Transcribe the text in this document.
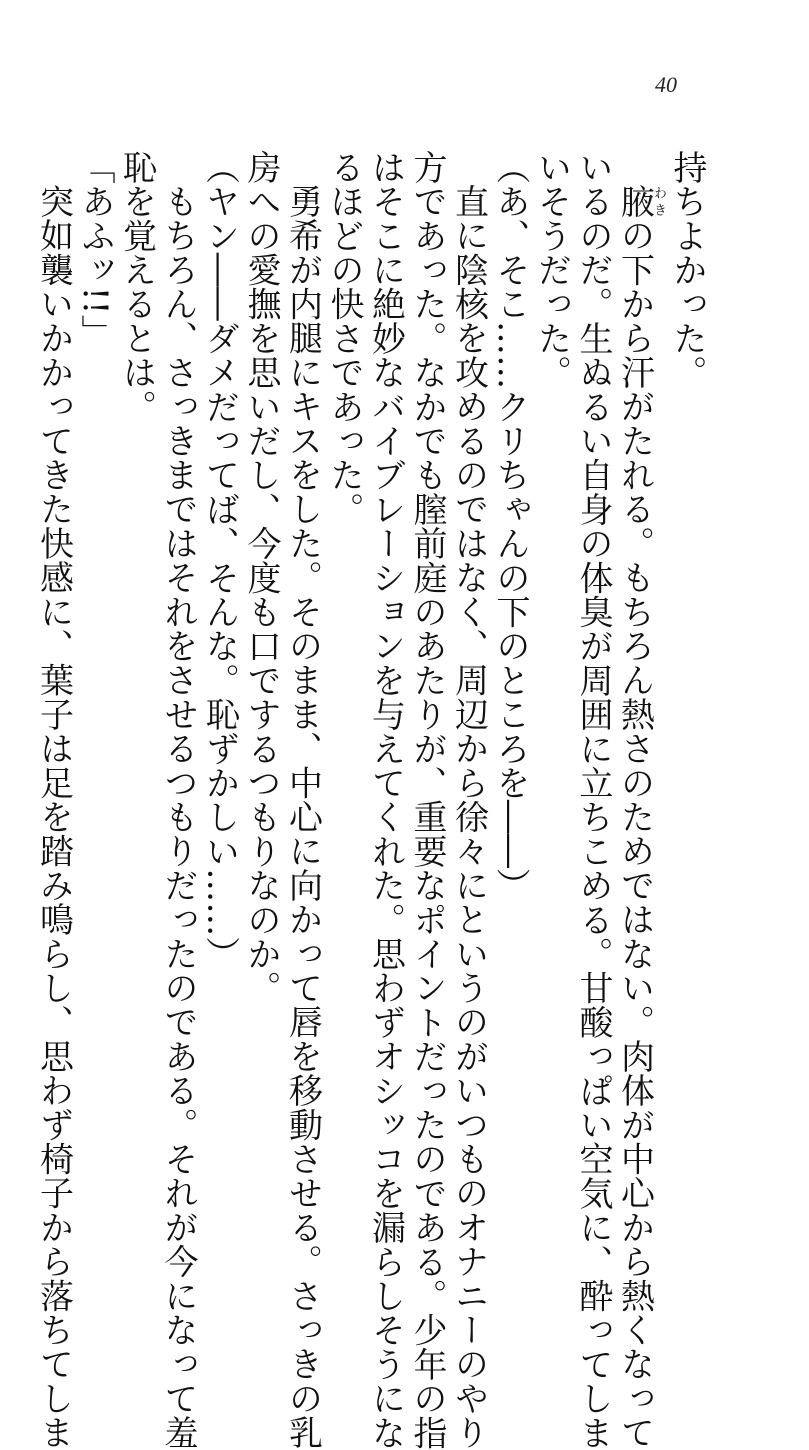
40
持ちよかった。
腋わきの下から汗がたれる。もちろん熱さのためではない。肉体が中心から熱くなって
いるのだ。生ぬるい自身の体臭が周囲に立ちこめる。甘酸っぱい空気に、酔ってしま
いそうだった。
（あ、そこ……クリちゃんの下のところを――）
直に陰核を攻めるのではなく、周辺から徐々にというのがいつものオナニーのやり
方であった。なかでも膣前庭のあたりが、重要なポイントだったのである。少年の指
はそこに絶妙なバイブレーションを与えてくれた。思わずオシッコを漏らしそうにな
るほどの快さであった。
勇希が内腿にキスをした。そのまま、中心に向かって唇を移動させる。さっきの乳
房への愛撫を思いだし、今度も口でするつもりなのか。
（ヤン――ダメだってば、そんな。恥ずかしい……）
もちろん、さっきまではそれをさせるつもりだったのである。それが今になって羞
恥を覚えるとは。
「あふッ!!」
突如襲いかかってきた快感に、葉子は足を踏み鳴らし、思わず椅子から落ちてしま
